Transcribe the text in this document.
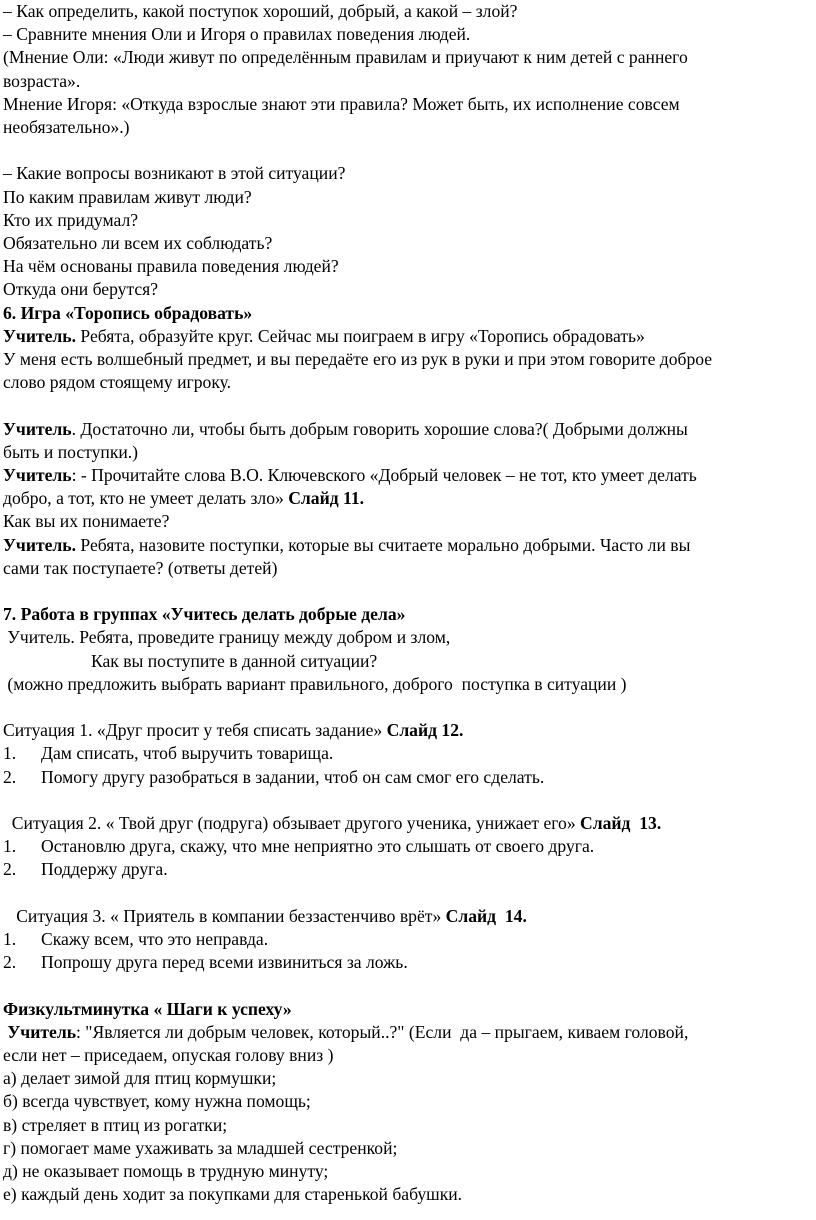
– Как определить, какой поступок хороший, добрый, а какой – злой?

– Сравните мнения Оли и Игоря о правилах поведения людей.

(Мнение Оли: «Люди живут по определённым правилам и приучают к ним детей с раннего

возраста».

Мнение Игоря: «Откуда взрослые знают эти правила? Может быть, их исполнение совсем

необязательно».)

– Какие вопросы возникают в этой ситуации?

По каким правилам живут люди?

Кто их придумал?

Обязательно ли всем их соблюдать?

На чём основаны правила поведения людей?

Откуда они берутся?

6. Игра «Торопись обрадовать»

Учитель. Ребята, образуйте круг. Сейчас мы поиграем в игру «Торопись обрадовать»

У меня есть волшебный предмет, и вы передаёте его из рук в руки и при этом говорите доброе

слово рядом стоящему игроку.

Учитель. Достаточно ли, чтобы быть добрым говорить хорошие слова?( Добрыми должны

быть и поступки.)

Учитель: - Прочитайте слова В.О. Ключевского «Добрый человек – не тот, кто умеет делать

добро, а тот, кто не умеет делать зло» Слайд 11.

Как вы их понимаете?

Учитель. Ребята, назовите поступки, которые вы считаете морально добрыми. Часто ли вы

сами так поступаете? (ответы детей)

7. Работа в группах «Учитесь делать добрые дела»

Учитель. Ребята, проведите границу между добром и злом,

Как вы поступите в данной ситуации?

(можно предложить выбрать вариант правильного, доброго  поступка в ситуации )

Ситуация 1. «Друг просит у тебя списать задание» Слайд 12.

1. Дам списать, чтоб выручить товарища.

2. Помогу другу разобраться в задании, чтоб он сам смог его сделать.

Ситуация 2. « Твой друг (подруга) обзывает другого ученика, унижает его» Слайд  13.

1. Остановлю друга, скажу, что мне неприятно это слышать от своего друга.

2. Поддержу друга.

Ситуация 3. « Приятель в компании беззастенчиво врёт» Слайд  14.

1. Скажу всем, что это неправда.

2. Попрошу друга перед всеми извиниться за ложь.

Физкультминутка « Шаги к успеху»

Учитель: "Является ли добрым человек, который..?" (Если  да – прыгаем, киваем головой,

если нет – приседаем, опуская голову вниз )

а) делает зимой для птиц кормушки;

б) всегда чувствует, кому нужна помощь;

в) стреляет в птиц из рогатки;

г) помогает маме ухаживать за младшей сестренкой;

д) не оказывает помощь в трудную минуту;

е) каждый день ходит за покупками для старенькой бабушки.
